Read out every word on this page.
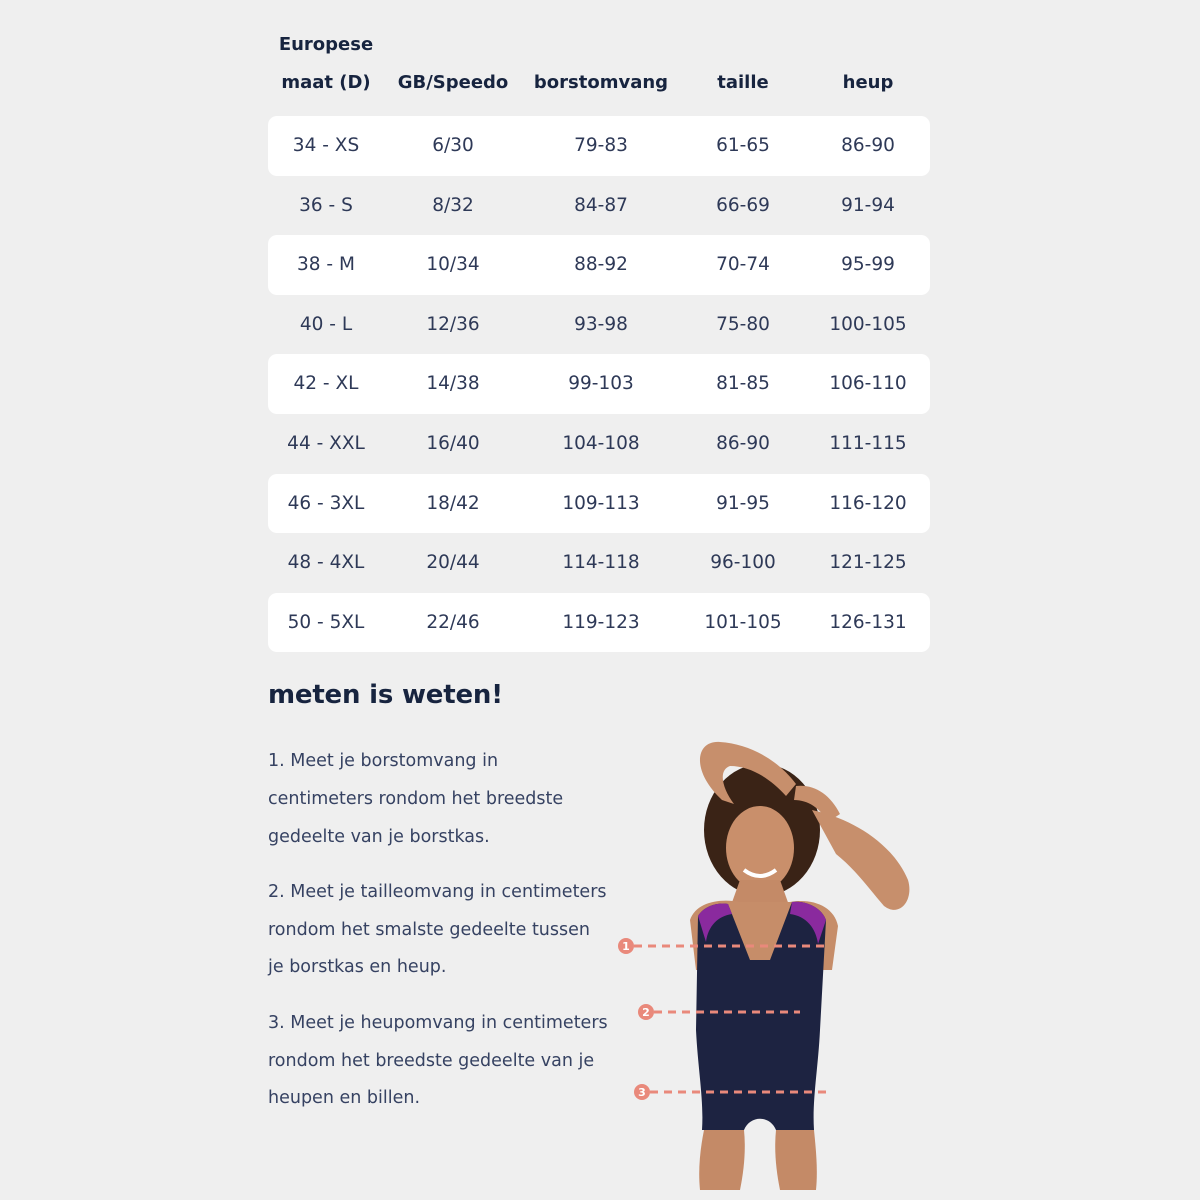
Europese maat (D)	GB/Speedo	borstomvang	taille	heup
34 - XS	6/30	79-83	61-65	86-90
36 - S	8/32	84-87	66-69	91-94
38 - M	10/34	88-92	70-74	95-99
40 - L	12/36	93-98	75-80	100-105
42 - XL	14/38	99-103	81-85	106-110
44 - XXL	16/40	104-108	86-90	111-115
46 - 3XL	18/42	109-113	91-95	116-120
48 - 4XL	20/44	114-118	96-100	121-125
50 - 5XL	22/46	119-123	101-105	126-131
meten is weten!

1. Meet je borstomvang in centimeters rondom het breedste gedeelte van je borstkas.

2. Meet je tailleomvang in centimeters rondom het smalste gedeelte tussen je borstkas en heup.

3. Meet je heupomvang in centimeters rondom het breedste gedeelte van je heupen en billen.

1
2
3
